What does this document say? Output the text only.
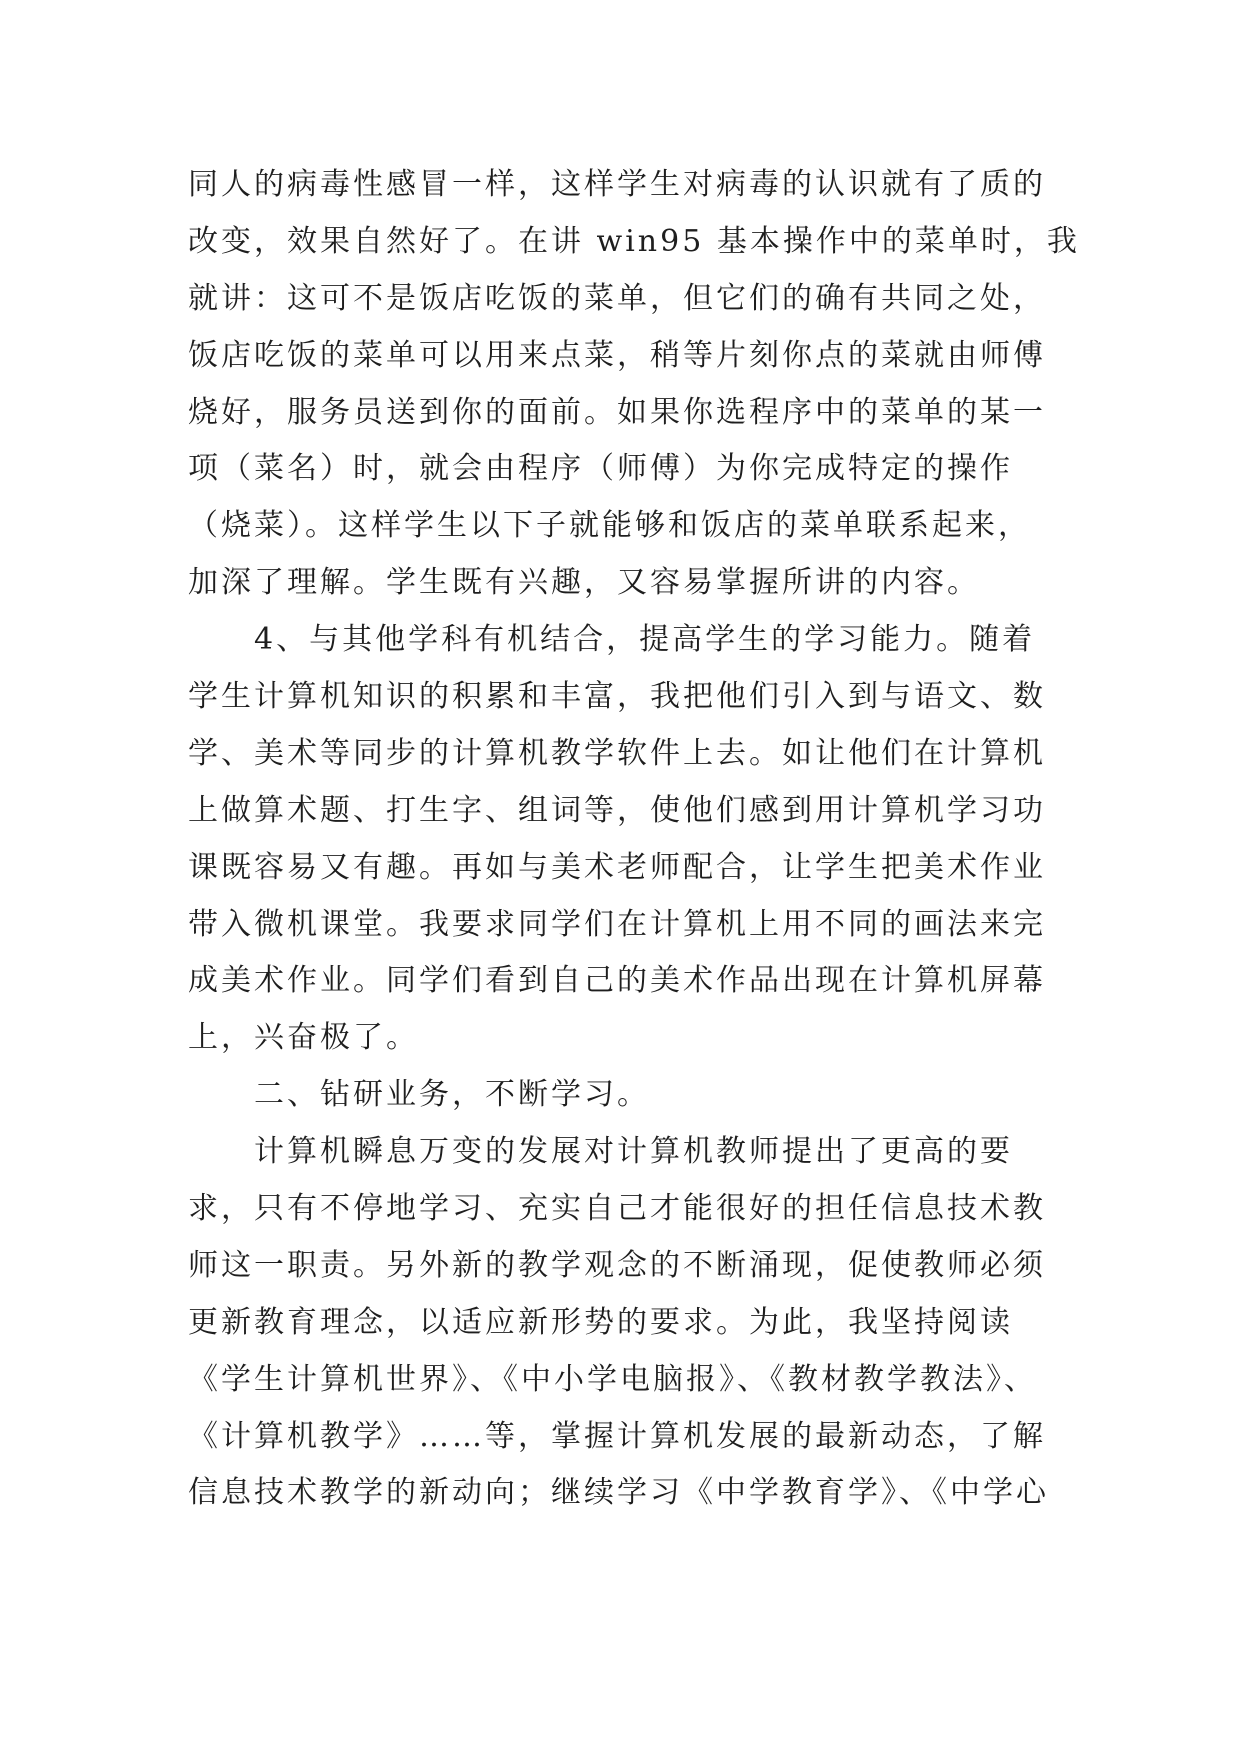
同人的病毒性感冒一样，这样学生对病毒的认识就有了质的
改变，效果自然好了。在讲 win95 基本操作中的菜单时，我
就讲：这可不是饭店吃饭的菜单，但它们的确有共同之处，
饭店吃饭的菜单可以用来点菜，稍等片刻你点的菜就由师傅
烧好，服务员送到你的面前。如果你选程序中的菜单的某一
项（菜名）时，就会由程序（师傅）为你完成特定的操作
（烧菜）。这样学生以下子就能够和饭店的菜单联系起来，
加深了理解。学生既有兴趣，又容易掌握所讲的内容。
4、与其他学科有机结合，提高学生的学习能力。随着
学生计算机知识的积累和丰富，我把他们引入到与语文、数
学、美术等同步的计算机教学软件上去。如让他们在计算机
上做算术题、打生字、组词等，使他们感到用计算机学习功
课既容易又有趣。再如与美术老师配合，让学生把美术作业
带入微机课堂。我要求同学们在计算机上用不同的画法来完
成美术作业。同学们看到自己的美术作品出现在计算机屏幕
上，兴奋极了。
二、钻研业务，不断学习。
计算机瞬息万变的发展对计算机教师提出了更高的要
求，只有不停地学习、充实自己才能很好的担任信息技术教
师这一职责。另外新的教学观念的不断涌现，促使教师必须
更新教育理念，以适应新形势的要求。为此，我坚持阅读
《学生计算机世界》、《中小学电脑报》、《教材教学教法》、
《计算机教学》……等，掌握计算机发展的最新动态，了解
信息技术教学的新动向；继续学习《中学教育学》、《中学心
